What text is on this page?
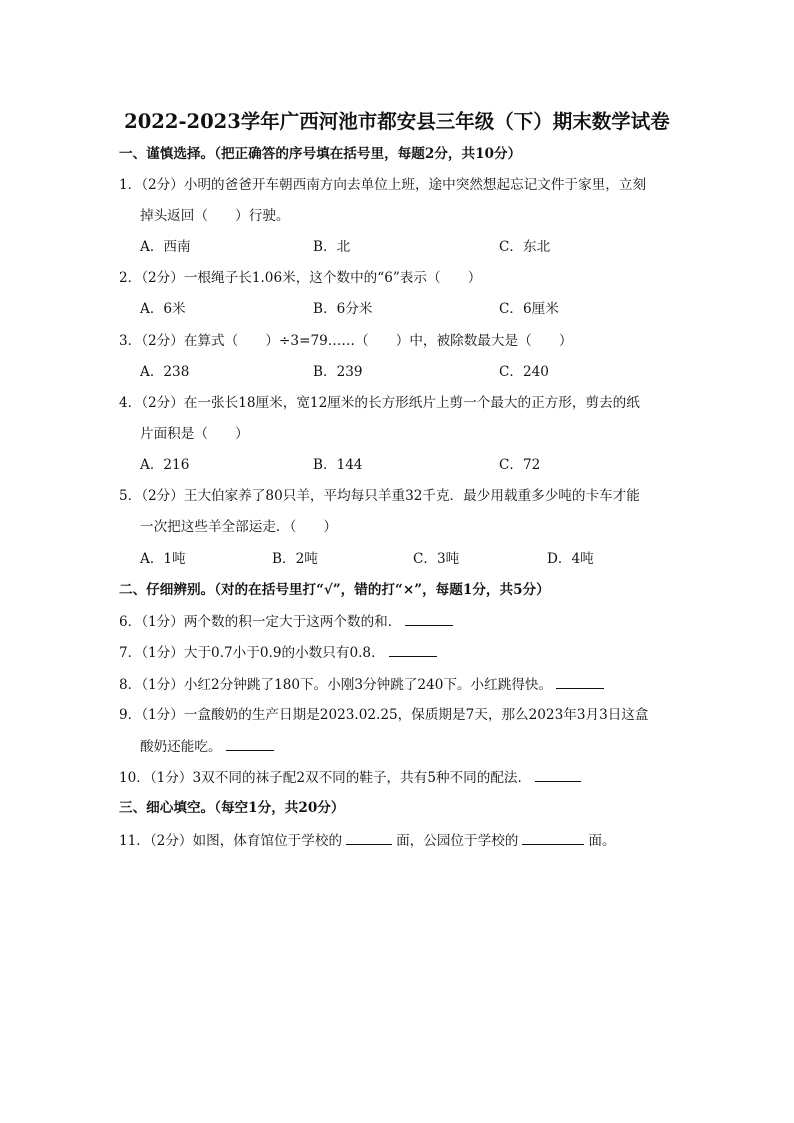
2022-2023学年广西河池市都安县三年级（下）期末数学试卷
一、谨慎选择。（把正确答的序号填在括号里，每题2分，共10分）
1．（2分）小明的爸爸开车朝西南方向去单位上班，途中突然想起忘记文件于家里，立刻
掉头返回（　　）行驶。
A．西南	B．北	C．东北
2．（2分）一根绳子长1.06米，这个数中的“6”表示（　　）
A．6米	B．6分米	C．6厘米
3．（2分）在算式（　　）÷3=79……（　　）中，被除数最大是（　　）
A．238	B．239	C．240
4．（2分）在一张长18厘米，宽12厘米的长方形纸片上剪一个最大的正方形，剪去的纸
片面积是（　　）
A．216	B．144	C．72
5．（2分）王大伯家养了80只羊，平均每只羊重32千克．最少用载重多少吨的卡车才能
一次把这些羊全部运走．（　　）
A．1吨	B．2吨	C．3吨	D．4吨
二、仔细辨别。（对的在括号里打“√”，错的打“×”，每题1分，共5分）
6．（1分）两个数的积一定大于这两个数的和．
7．（1分）大于0.7小于0.9的小数只有0.8．
8．（1分）小红2分钟跳了180下。小刚3分钟跳了240下。小红跳得快。
9．（1分）一盒酸奶的生产日期是2023.02.25，保质期是7天，那么2023年3月3日这盒
酸奶还能吃。
10．（1分）3双不同的袜子配2双不同的鞋子，共有5种不同的配法．
三、细心填空。（每空1分，共20分）
11．（2分）如图，体育馆位于学校的	面，公园位于学校的	面。
